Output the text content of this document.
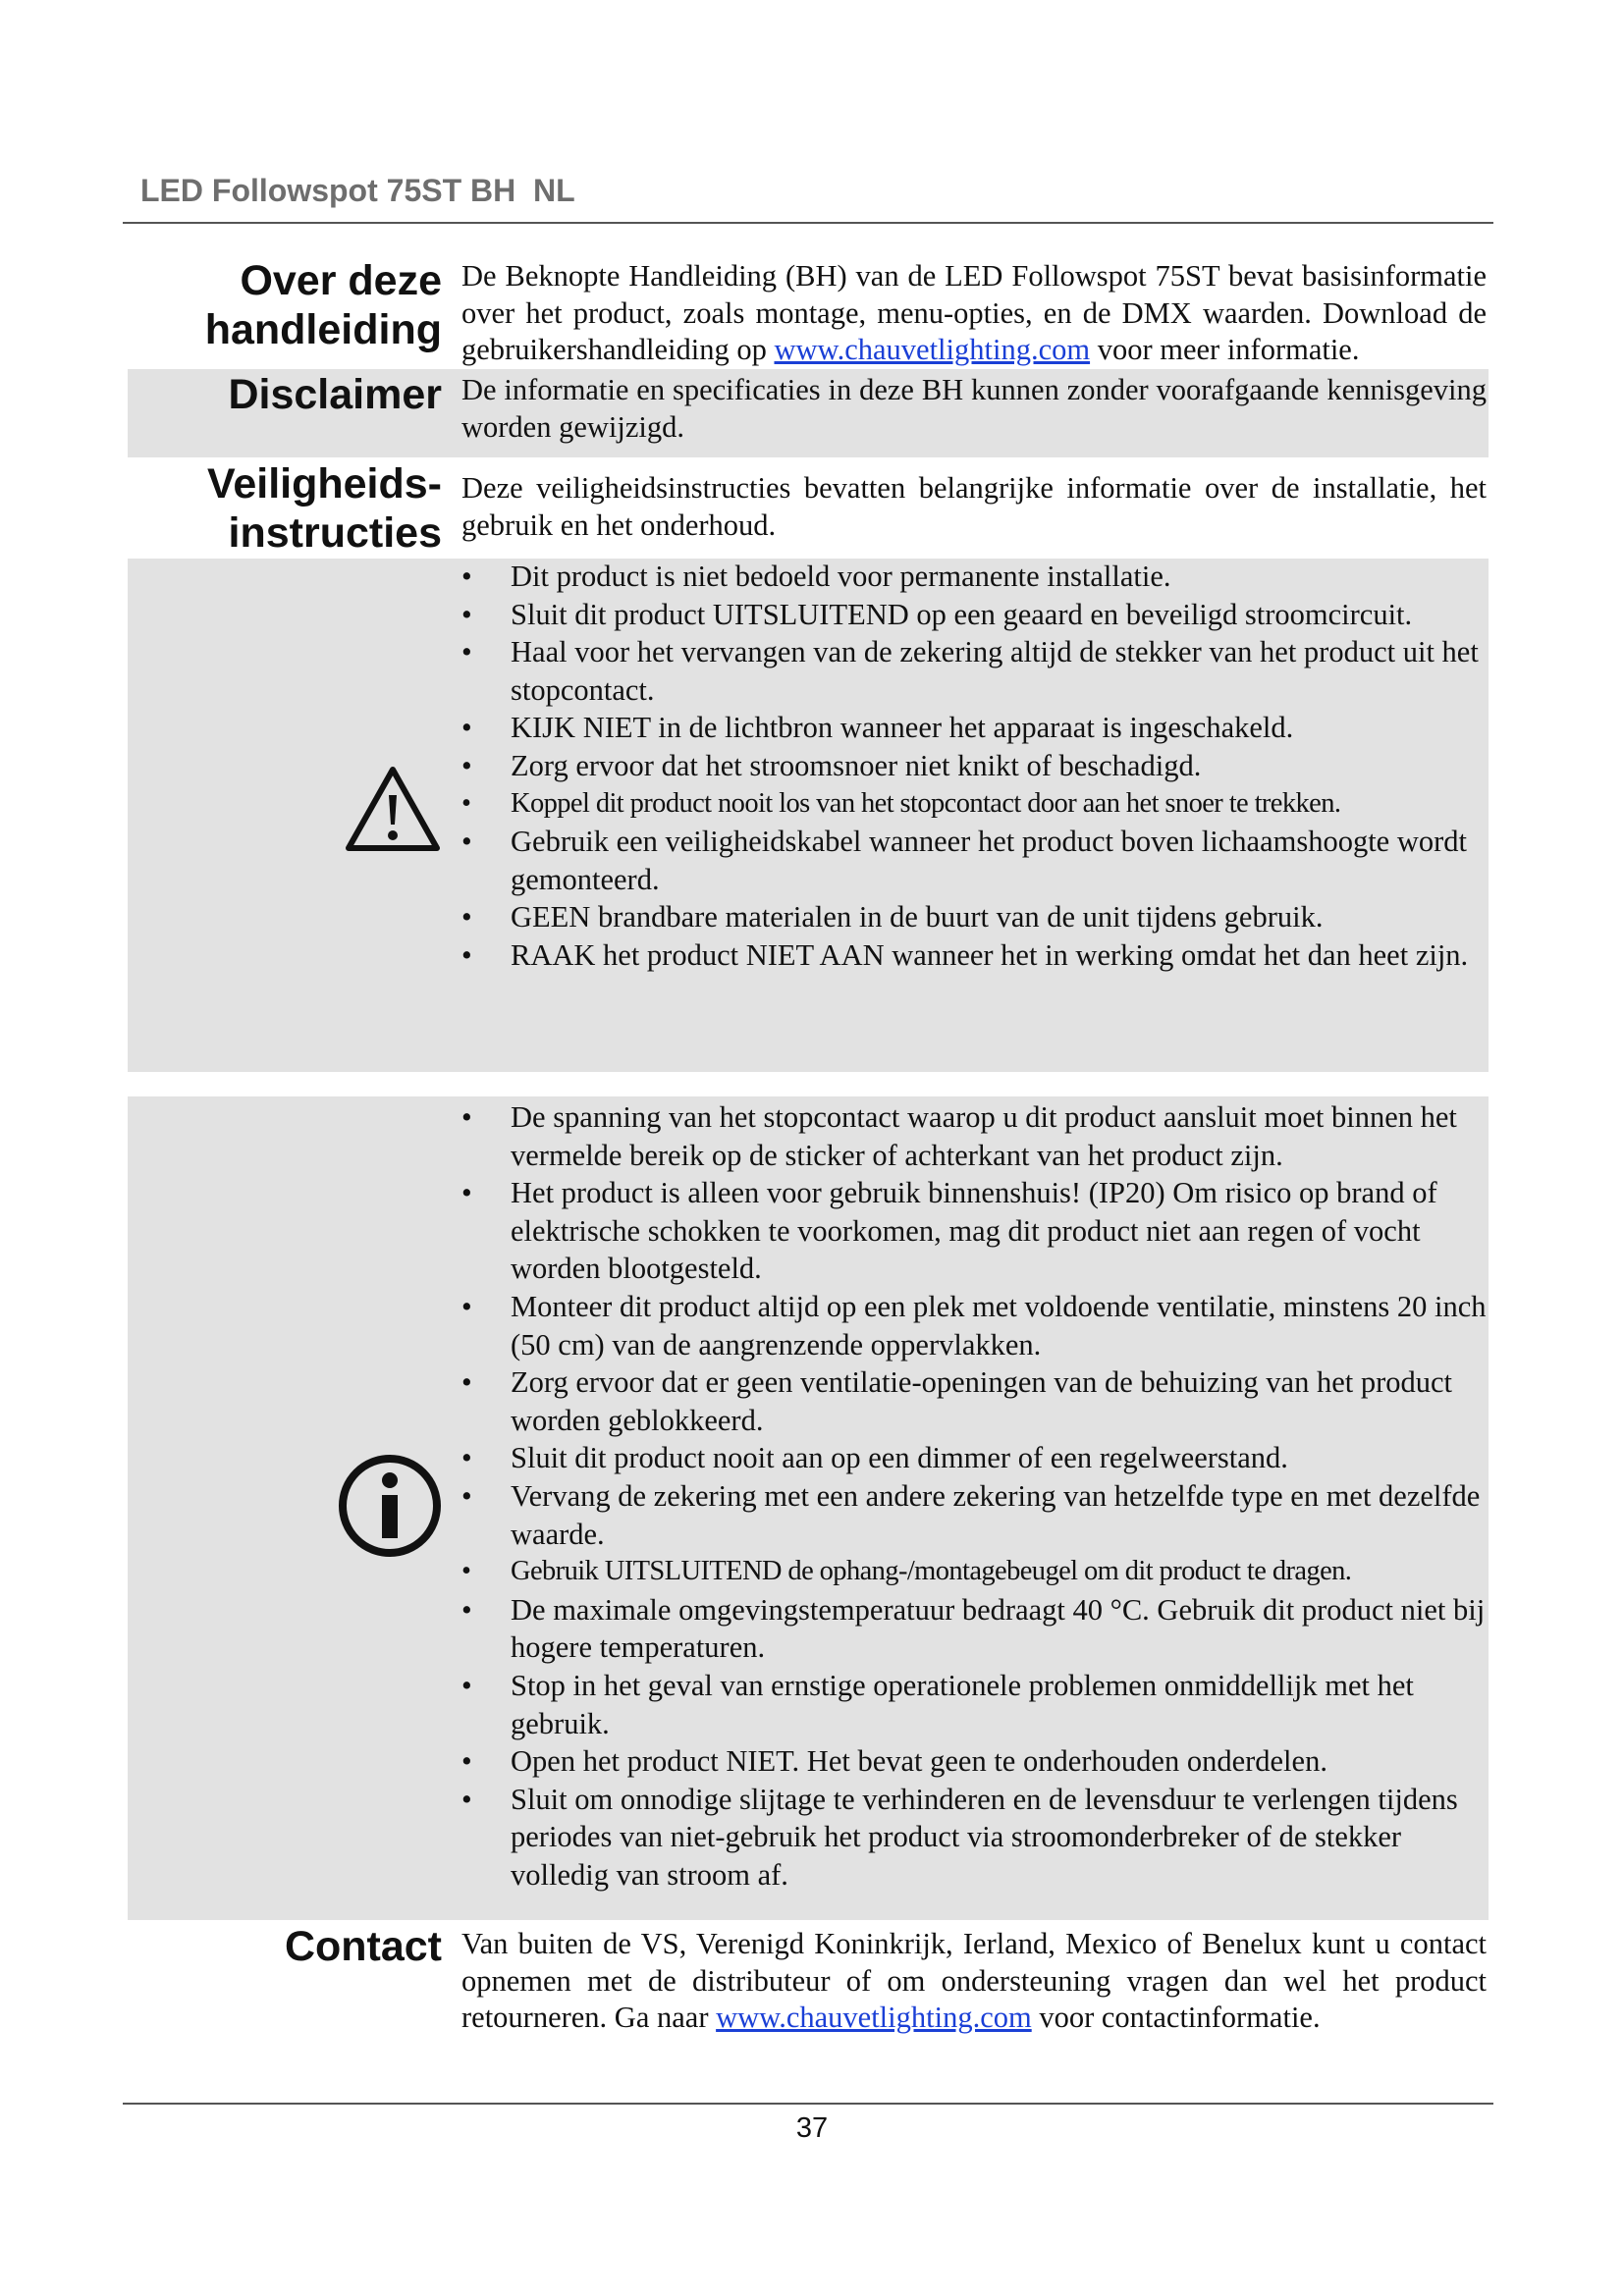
LED Followspot 75ST BH  NL
Over deze
handleiding
De Beknopte Handleiding (BH) van de LED Followspot 75ST bevat basisinformatie over het product, zoals montage, menu-opties, en de DMX waarden. Download de gebruikershandleiding op www.chauvetlighting.com voor meer informatie.
Disclaimer De informatie en specificaties in deze BH kunnen zonder voorafgaande kennisgeving worden gewijzigd.
Veiligheids-
instructies
Deze veiligheidsinstructies bevatten belangrijke informatie over de installatie, het gebruik en het onderhoud.
• Dit product is niet bedoeld voor permanente installatie.
• Sluit dit product UITSLUITEND op een geaard en beveiligd stroomcircuit.
• Haal voor het vervangen van de zekering altijd de stekker van het product uit het stopcontact.
• KIJK NIET in de lichtbron wanneer het apparaat is ingeschakeld.
• Zorg ervoor dat het stroomsnoer niet knikt of beschadigd.
• Koppel dit product nooit los van het stopcontact door aan het snoer te trekken.
• Gebruik een veiligheidskabel wanneer het product boven lichaamshoogte wordt gemonteerd.
• GEEN brandbare materialen in de buurt van de unit tijdens gebruik.
• RAAK het product NIET AAN wanneer het in werking omdat het dan heet zijn.
• De spanning van het stopcontact waarop u dit product aansluit moet binnen het vermelde bereik op de sticker of achterkant van het product zijn.
• Het product is alleen voor gebruik binnenshuis! (IP20) Om risico op brand of elektrische schokken te voorkomen, mag dit product niet aan regen of vocht worden blootgesteld.
• Monteer dit product altijd op een plek met voldoende ventilatie, minstens 20 inch (50 cm) van de aangrenzende oppervlakken.
• Zorg ervoor dat er geen ventilatie-openingen van de behuizing van het product worden geblokkeerd.
• Sluit dit product nooit aan op een dimmer of een regelweerstand.
• Vervang de zekering met een andere zekering van hetzelfde type en met dezelfde waarde.
• Gebruik UITSLUITEND de ophang-/montagebeugel om dit product te dragen.
• De maximale omgevingstemperatuur bedraagt 40 °C. Gebruik dit product niet bij hogere temperaturen.
• Stop in het geval van ernstige operationele problemen onmiddellijk met het gebruik.
• Open het product NIET. Het bevat geen te onderhouden onderdelen.
• Sluit om onnodige slijtage te verhinderen en de levensduur te verlengen tijdens periodes van niet-gebruik het product via stroomonderbreker of de stekker volledig van stroom af.
Contact Van buiten de VS, Verenigd Koninkrijk, Ierland, Mexico of Benelux kunt u contact opnemen met de distributeur of om ondersteuning vragen dan wel het product retourneren. Ga naar www.chauvetlighting.com voor contactinformatie.
37
